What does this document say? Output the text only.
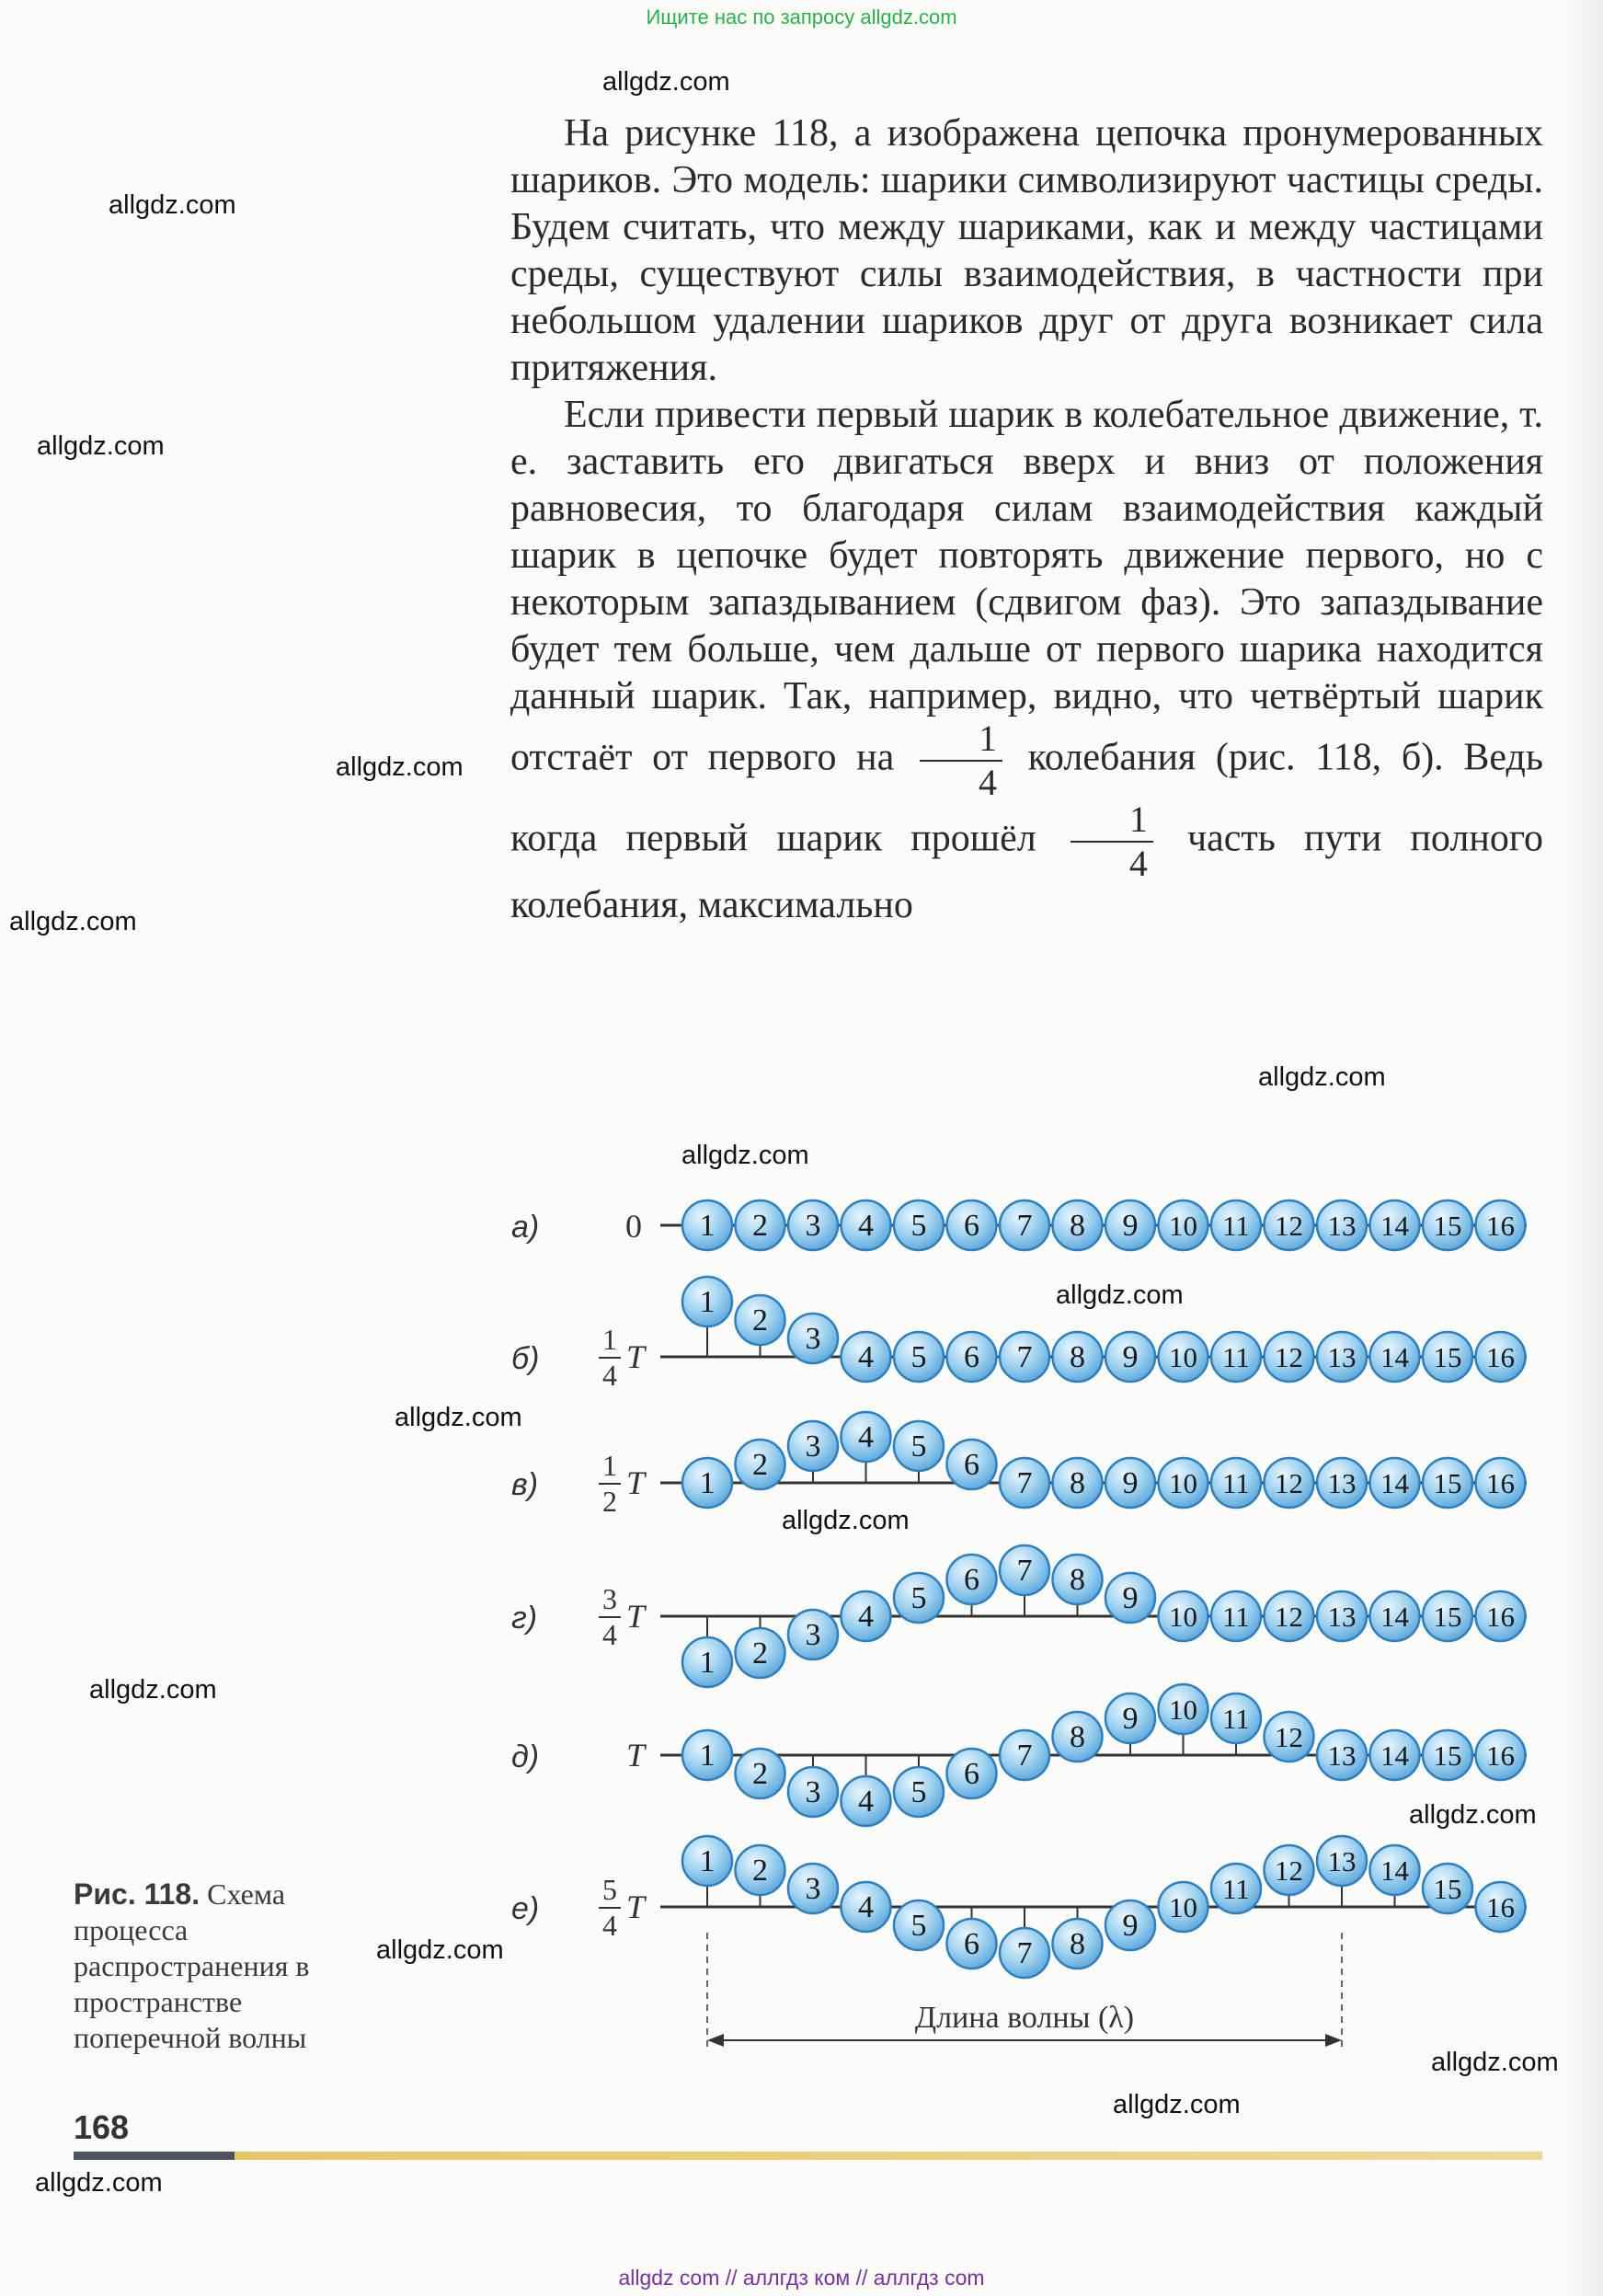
Ищите нас по запросу allgdz.com
allgdz.com
allgdz.com
allgdz.com
allgdz.com
allgdz.com
allgdz.com
allgdz.com
allgdz.com
allgdz.com
allgdz.com
allgdz.com
allgdz.com
allgdz.com
allgdz.com
allgdz.com
allgdz.com

На рисунке 118, а изображена цепочка пронумерованных шариков. Это модель: шарики символизируют частицы среды. Будем считать, что между шариками, как и между частицами среды, существуют силы взаимодействия, в частности при небольшом удалении шариков друг от друга возникает сила притяжения.

Если привести первый шарик в колебательное движение, т. е. заставить его двигаться вверх и вниз от положения равновесия, то благодаря силам взаимодействия каждый шарик в цепочке будет повторять движение первого, но с некоторым запаздыванием (сдвигом фаз). Это запаздывание будет тем больше, чем дальше от первого шарика находится данный шарик. Так, например, видно, что четвёртый шарик отстаёт от первого на $\frac{1}{4}$ колебания (рис. 118, б). Ведь когда первый шарик прошёл $\frac{1}{4}$ часть пути полного колебания, максимально

а)	0 1 2 3 4 5 6 7 8 9 10 11 12 13 14 15 16
б)
1
4 T
1
2
3
4 5 6 7 8 9 10 11 12 13 14 15 16
в)
1
2 T 1
2
3 4 5
6
7 8 9 10 11 12 13 14 15 16
г)
3
4 T
1 2
3
4
5
6 7 8
9
10 11 12 13 14 15 16
д)	T 1
2
3 4 5
6
7
8
9 10 11
12
13 14 15 16
е)
5
4 T
1 2
3
4
5
6 7 8
9
10
11
12 13 14
15
16
Длина волны (λ)
Рис. 118. Схема процесса распространения в пространстве поперечной волны
168
allgdz com // аллгдз ком // аллгдз com
